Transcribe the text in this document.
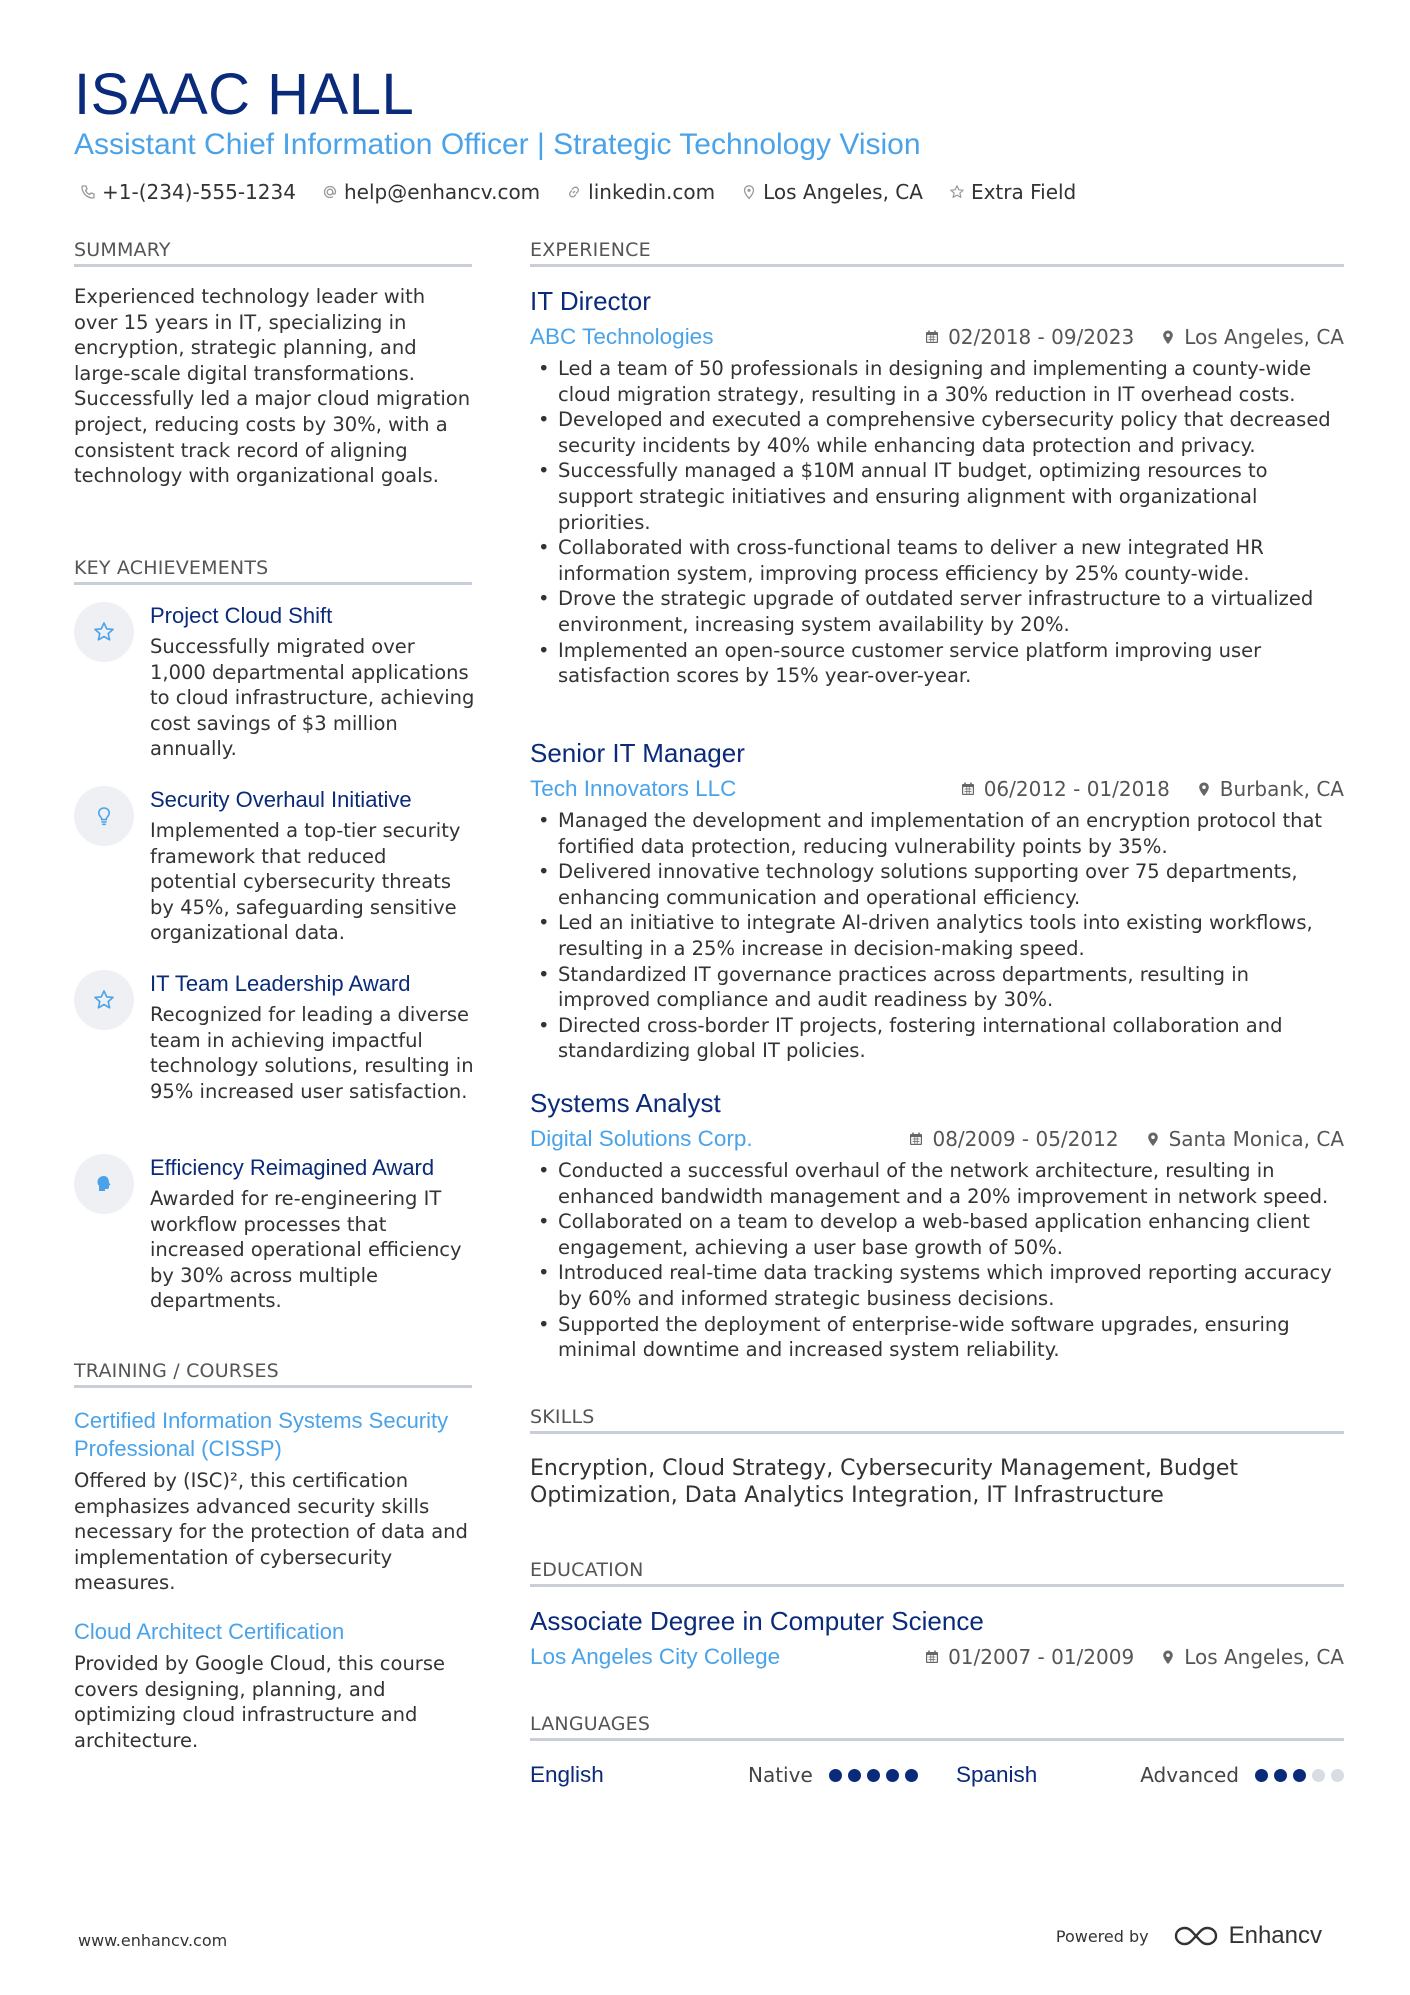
ISAAC HALL
Assistant Chief Information Officer | Strategic Technology Vision
+1-(234)-555-1234 help@enhancv.com linkedin.com Los Angeles, CA Extra Field
SUMMARY
Experienced technology leader with over 15 years in IT, specializing in encryption, strategic planning, and large-scale digital transformations. Successfully led a major cloud migration project, reducing costs by 30%, with a consistent track record of aligning technology with organizational goals.
KEY ACHIEVEMENTS
Project Cloud Shift
Successfully migrated over 1,000 departmental applications to cloud infrastructure, achieving cost savings of $3 million annually.
Security Overhaul Initiative
Implemented a top-tier security framework that reduced potential cybersecurity threats by 45%, safeguarding sensitive organizational data.
IT Team Leadership Award
Recognized for leading a diverse team in achieving impactful technology solutions, resulting in 95% increased user satisfaction.
Efficiency Reimagined Award
Awarded for re-engineering IT workflow processes that increased operational efficiency by 30% across multiple departments.
TRAINING / COURSES
Certified Information Systems Security Professional (CISSP)
Offered by (ISC)², this certification emphasizes advanced security skills necessary for the protection of data and implementation of cybersecurity measures.
Cloud Architect Certification
Provided by Google Cloud, this course covers designing, planning, and optimizing cloud infrastructure and architecture.
EXPERIENCE
IT Director
ABC Technologies	02/2018 - 09/2023	Los Angeles, CA
• Led a team of 50 professionals in designing and implementing a county-wide cloud migration strategy, resulting in a 30% reduction in IT overhead costs.
• Developed and executed a comprehensive cybersecurity policy that decreased security incidents by 40% while enhancing data protection and privacy.
• Successfully managed a $10M annual IT budget, optimizing resources to support strategic initiatives and ensuring alignment with organizational priorities.
• Collaborated with cross-functional teams to deliver a new integrated HR information system, improving process efficiency by 25% county-wide.
• Drove the strategic upgrade of outdated server infrastructure to a virtualized environment, increasing system availability by 20%.
• Implemented an open-source customer service platform improving user satisfaction scores by 15% year-over-year.
Senior IT Manager
Tech Innovators LLC	06/2012 - 01/2018	Burbank, CA
• Managed the development and implementation of an encryption protocol that fortified data protection, reducing vulnerability points by 35%.
• Delivered innovative technology solutions supporting over 75 departments, enhancing communication and operational efficiency.
• Led an initiative to integrate AI-driven analytics tools into existing workflows, resulting in a 25% increase in decision-making speed.
• Standardized IT governance practices across departments, resulting in improved compliance and audit readiness by 30%.
• Directed cross-border IT projects, fostering international collaboration and standardizing global IT policies.
Systems Analyst
Digital Solutions Corp.	08/2009 - 05/2012	Santa Monica, CA
• Conducted a successful overhaul of the network architecture, resulting in enhanced bandwidth management and a 20% improvement in network speed.
• Collaborated on a team to develop a web-based application enhancing client engagement, achieving a user base growth of 50%.
• Introduced real-time data tracking systems which improved reporting accuracy by 60% and informed strategic business decisions.
• Supported the deployment of enterprise-wide software upgrades, ensuring minimal downtime and increased system reliability.
SKILLS
Encryption, Cloud Strategy, Cybersecurity Management, Budget Optimization, Data Analytics Integration, IT Infrastructure
EDUCATION
Associate Degree in Computer Science
Los Angeles City College	01/2007 - 01/2009	Los Angeles, CA
LANGUAGES
English	Native	Spanish	Advanced
www.enhancv.com	Powered by	Enhancv
